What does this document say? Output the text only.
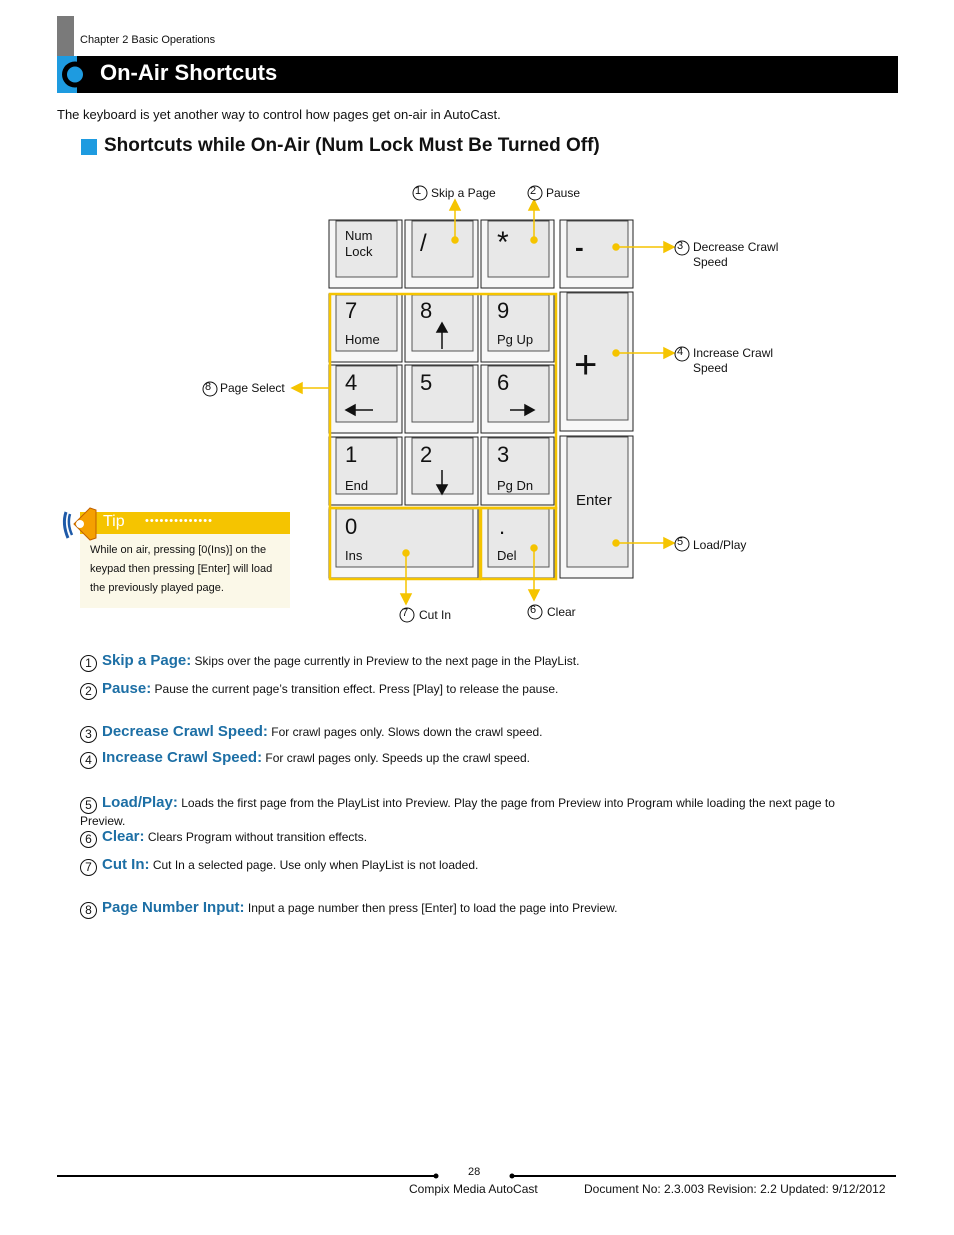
Chapter 2 Basic Operations
On-Air Shortcuts
The keyboard is yet another way to control how pages get on-air in AutoCast.
Shortcuts while On-Air (Num Lock Must Be Turned Off)
1	2
3
4
5
6
7
8
Skip a Page	Pause
Decrease Crawl
Speed
Increase Crawl
Speed
Load/Play
Clear
Cut In
Page Select
Num
Lock / *	-
+
7
Home
8	9
Pg Up
4	5	6
1
End
2	3
Pg Dn
Enter
0
Ins
.
Del
Tip ••••••••••••••
While on air, pressing [0(Ins)] on the keypad then pressing [Enter] will load the previously played page.
1 Skip a Page: Skips over the page currently in Preview to the next page in the PlayList.
2 Pause: Pause the current page’s transition effect. Press [Play] to release the pause.
3 Decrease Crawl Speed: For crawl pages only. Slows down the crawl speed.
4 Increase Crawl Speed: For crawl pages only. Speeds up the crawl speed.
5 Load/Play: Loads the first page from the PlayList into Preview. Play the page from Preview into Program while loading the next page to Preview.
6 Clear: Clears Program without transition effects.
7 Cut In: Cut In a selected page. Use only when PlayList is not loaded.
8 Page Number Input: Input a page number then press [Enter] to load the page into Preview.
28
Compix Media AutoCast	Document No: 2.3.003 Revision: 2.2 Updated: 9/12/2012
